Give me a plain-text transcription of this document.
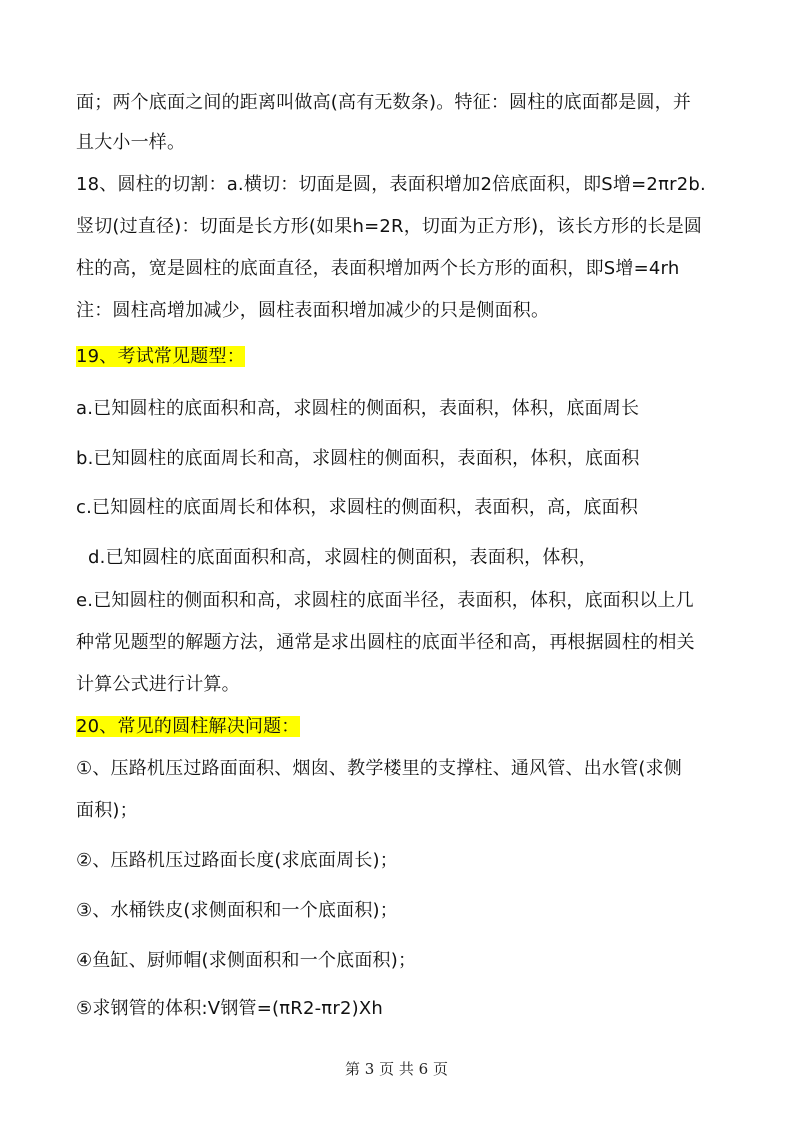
面；两个底面之间的距离叫做高(高有无数条)。特征：圆柱的底面都是圆，并
且大小一样。
18、圆柱的切割：a.横切：切面是圆，表面积增加2倍底面积，即S增=2πr2b.
竖切(过直径)：切面是长方形(如果h=2R，切面为正方形)，该长方形的长是圆
柱的高，宽是圆柱的底面直径，表面积增加两个长方形的面积，即S增=4rh
注：圆柱高增加减少，圆柱表面积增加减少的只是侧面积。
19、考试常见题型：
a.已知圆柱的底面积和高，求圆柱的侧面积，表面积，体积，底面周长
b.已知圆柱的底面周长和高，求圆柱的侧面积，表面积，体积，底面积
c.已知圆柱的底面周长和体积，求圆柱的侧面积，表面积，高，底面积
d.已知圆柱的底面面积和高，求圆柱的侧面积，表面积，体积，
e.已知圆柱的侧面积和高，求圆柱的底面半径，表面积，体积，底面积以上几
种常见题型的解题方法，通常是求出圆柱的底面半径和高，再根据圆柱的相关
计算公式进行计算。
20、常见的圆柱解决问题：
①、压路机压过路面面积、烟囱、教学楼里的支撑柱、通风管、出水管(求侧
面积)；
②、压路机压过路面长度(求底面周长)；
③、水桶铁皮(求侧面积和一个底面积)；
④鱼缸、厨师帽(求侧面积和一个底面积)；
⑤求钢管的体积:V钢管=(πR2-πr2)Xh
第 3 页 共 6 页
